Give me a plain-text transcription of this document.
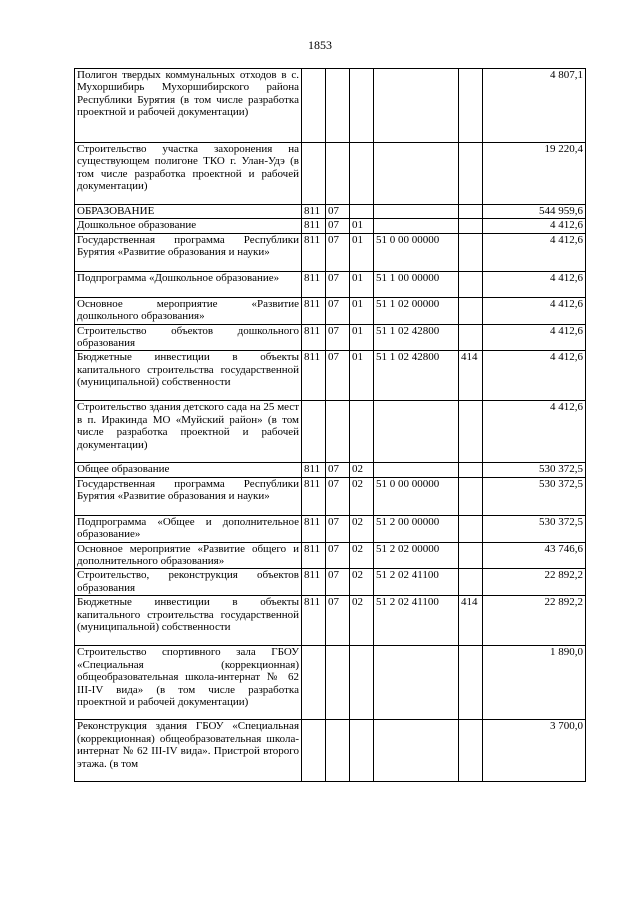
1853
Полигон твердых коммунальных отходов в с. Мухоршибирь Мухоршибирского района Республики Бурятия (в том числе разработка проектной и рабочей документации)						4 807,1
Строительство участка захоронения на существующем полигоне ТКО г. Улан-Удэ (в том числе разработка проектной и рабочей документации)						19 220,4
ОБРАЗОВАНИЕ	811	07				544 959,6
Дошкольное образование	811	07	01			4 412,6
Государственная программа Республики Бурятия «Развитие образования и науки»	811	07	01	51 0 00 00000		4 412,6
Подпрограмма «Дошкольное образование»	811	07	01	51 1 00 00000		4 412,6
Основное мероприятие «Развитие дошкольного образования»	811	07	01	51 1 02 00000		4 412,6
Строительство объектов дошкольного образования	811	07	01	51 1 02 42800		4 412,6
Бюджетные инвестиции в объекты капитального строительства государственной (муниципальной) собственности	811	07	01	51 1 02 42800	414	4 412,6
Строительство здания детского сада на 25 мест в п. Иракинда МО «Муйский район» (в том числе разработка проектной и рабочей документации)						4 412,6
Общее образование	811	07	02			530 372,5
Государственная программа Республики Бурятия «Развитие образования и науки»	811	07	02	51 0 00 00000		530 372,5
Подпрограмма «Общее и дополнительное образование»	811	07	02	51 2 00 00000		530 372,5
Основное мероприятие «Развитие общего и дополнительного образования»	811	07	02	51 2 02 00000		43 746,6
Строительство, реконструкция объектов образования	811	07	02	51 2 02 41100		22 892,2
Бюджетные инвестиции в объекты капитального строительства государственной (муниципальной) собственности	811	07	02	51 2 02 41100	414	22 892,2
Строительство спортивного зала ГБОУ «Специальная (коррекционная) общеобразовательная школа-интернат № 62 III-IV вида» (в том числе разработка проектной и рабочей документации)						1 890,0
Реконструкция здания ГБОУ «Специальная (коррекционная) общеобразовательная школа-интернат № 62 III-IV вида». Пристрой второго этажа. (в том						3 700,0
